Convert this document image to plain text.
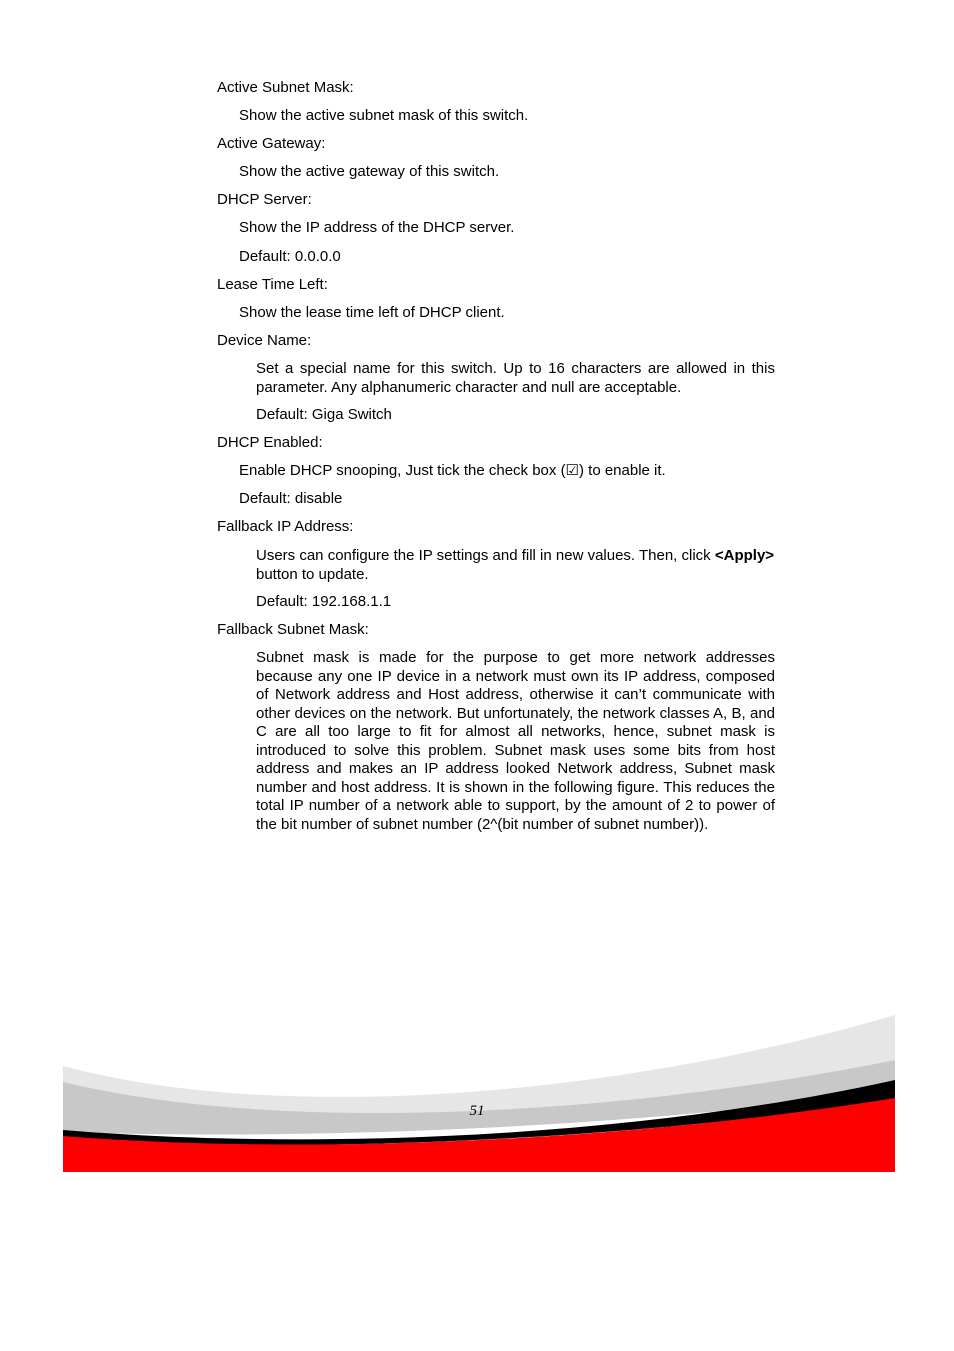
Active Subnet Mask:
Show the active subnet mask of this switch.
Active Gateway:
Show the active gateway of this switch.
DHCP Server:
Show the IP address of the DHCP server.
Default: 0.0.0.0
Lease Time Left:
Show the lease time left of DHCP client.
Device Name:
Set a special name for this switch. Up to 16 characters are allowed in this parameter. Any alphanumeric character and null are acceptable.
Default: Giga Switch
DHCP Enabled:
Enable DHCP snooping, Just tick the check box (☑) to enable it.
Default: disable
Fallback IP Address:
Users can configure the IP settings and fill in new values. Then, click <Apply> button to update.
Default: 192.168.1.1
Fallback Subnet Mask:
Subnet mask is made for the purpose to get more network addresses because any one IP device in a network must own its IP address, composed of Network address and Host address, otherwise it can’t communicate with other devices on the network. But unfortunately, the network classes A, B, and C are all too large to fit for almost all networks, hence, subnet mask is introduced to solve this problem. Subnet mask uses some bits from host address and makes an IP address looked Network address, Subnet mask number and host address. It is shown in the following figure. This reduces the total IP number of a network able to support, by the amount of 2 to power of the bit number of subnet number (2^(bit number of subnet number)).
51
